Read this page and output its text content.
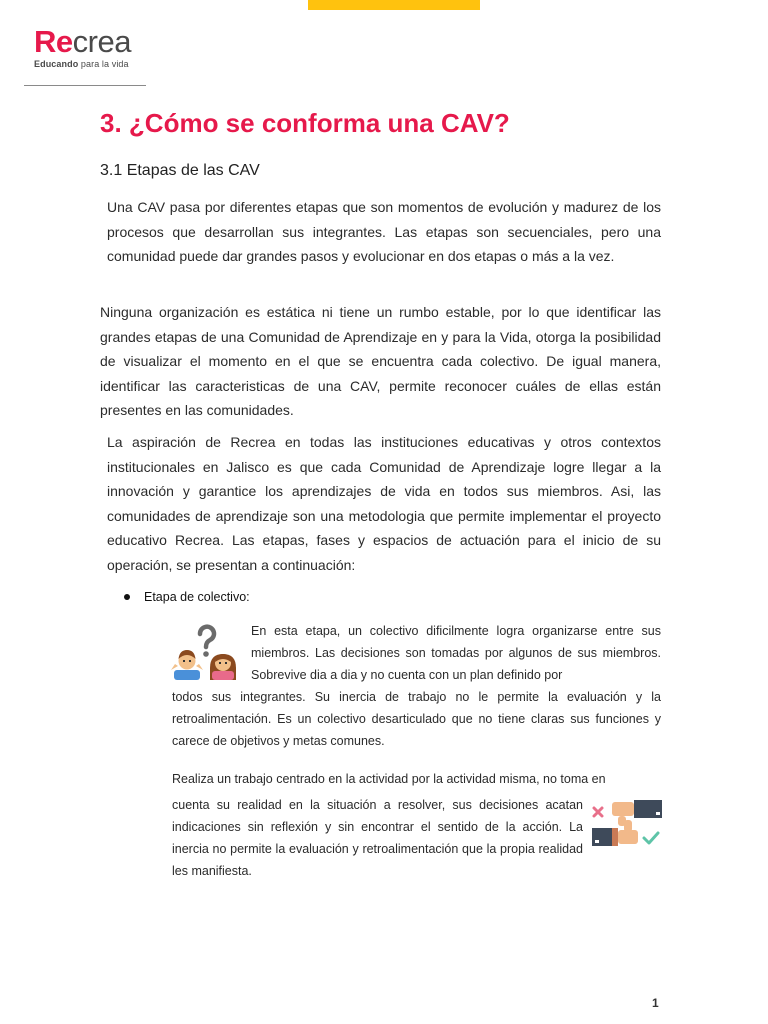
Recrea
Educando para la vida
3. ¿Cómo se conforma una CAV?
3.1 Etapas de las CAV

Una CAV pasa por diferentes etapas que son momentos de evolución y madurez de los procesos que desarrollan sus integrantes. Las etapas son secuenciales, pero una comunidad puede dar grandes pasos y evolucionar en dos etapas o más a la vez.

Ninguna organización es estática ni tiene un rumbo estable, por lo que identificar las grandes etapas de una Comunidad de Aprendizaje en y para la Vida, otorga la posibilidad de visualizar el momento en el que se encuentra cada colectivo. De igual manera, identificar las caracteristicas de una CAV, permite reconocer cuáles de ellas están presentes en las comunidades.

La aspiración de Recrea en todas las instituciones educativas y otros contextos institucionales en Jalisco es que cada Comunidad de Aprendizaje logre llegar a la innovación y garantice los aprendizajes de vida en todos sus miembros. Asi, las comunidades de aprendizaje son una metodologia que permite implementar el proyecto educativo Recrea. Las etapas, fases y espacios de actuación para el inicio de su operación, se presentan a continuación:

Etapa de colectivo:

En esta etapa, un colectivo dificilmente logra organizarse entre sus miembros. Las decisiones son tomadas por algunos de sus miembros. Sobrevive dia a dia y no cuenta con un plan definido por

todos sus integrantes. Su inercia de trabajo no le permite la evaluación y la retroalimentación. Es un colectivo desarticulado que no tiene claras sus funciones y carece de objetivos y metas comunes.

Realiza un trabajo centrado en la actividad por la actividad misma, no toma en

cuenta su realidad en la situación a resolver, sus decisiones acatan indicaciones sin reflexión y sin encontrar el sentido de la acción. La inercia no permite la evaluación y retroalimentación que la propia realidad les manifiesta.

1
